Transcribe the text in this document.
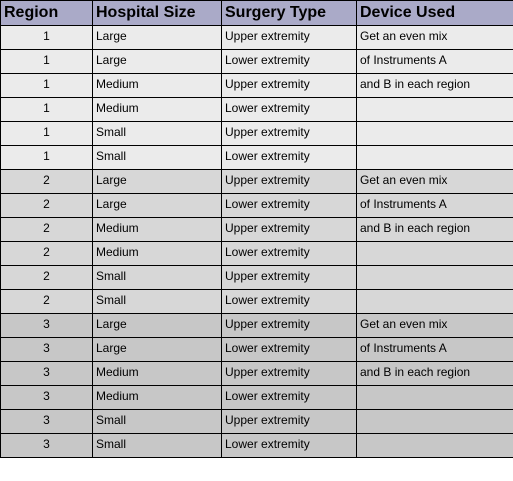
Region	Hospital Size	Surgery Type	Device Used
1	Large	Upper extremity	Get an even mix
1	Large	Lower extremity	of Instruments A
1	Medium	Upper extremity	and B in each region
1	Medium	Lower extremity	
1	Small	Upper extremity	
1	Small	Lower extremity	
2	Large	Upper extremity	Get an even mix
2	Large	Lower extremity	of Instruments A
2	Medium	Upper extremity	and B in each region
2	Medium	Lower extremity	
2	Small	Upper extremity	
2	Small	Lower extremity	
3	Large	Upper extremity	Get an even mix
3	Large	Lower extremity	of Instruments A
3	Medium	Upper extremity	and B in each region
3	Medium	Lower extremity	
3	Small	Upper extremity	
3	Small	Lower extremity	
